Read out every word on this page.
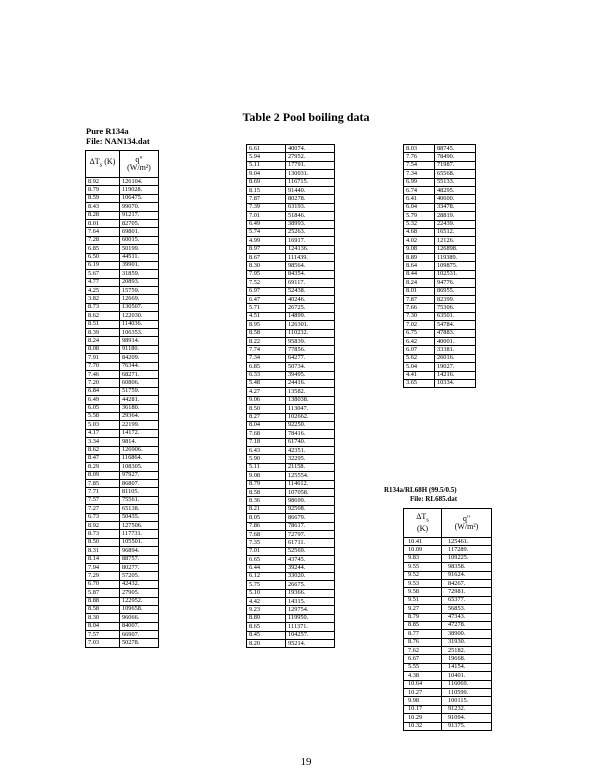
Table 2 Pool boiling data
Pure R134a
File: NAN134.dat
$\Delta T_s$ (K)	q"
(W/m²)
8.92	126104.
8.79	119028.
8.59	106475.
8.43	99070.
8.28	91217.
8.01	82705.
7.64	69801.
7.28	60015.
6.85	50199.
6.50	44511.
6.19	39901.
5.67	31859.
4.77	20893.
4.25	15759.
3.82	12669.
8.73	130507.
8.62	122030.
8.51	114036.
8.39	106353.
8.24	98914.
8.08	91180.
7.91	84209.
7.70	76344.
7.46	68271.
7.20	60806.
6.84	51759.
6.49	44281.
6.05	36180.
5.58	29364.
5.03	22199.
4.17	14172.
3.34	9814.
8.62	126906.
8.47	116864.
8.29	108305.
8.09	97927.
7.85	86807.
7.71	81105.
7.57	75561.
7.27	65138.
6.73	50435.
8.92	127506.
8.73	117731.
8.50	105501.
8.31	96894.
8.14	88757.
7.94	80277.
7.29	57205.
6.70	42432.
5.87	27905.
8.88	122952.
8.58	109658.
8.30	96066.
8.04	84007.
7.57	66907.
7.03	50278.
6.61	40074.
5.94	27952.
5.11	17791.
9.04	130031.
8.69	116715.
8.15	91440.
7.87	80278.
7.39	63193.
7.01	51846.
6.49	38993.
5.74	25263.
4.99	16917.
8.97	124136.
8.67	111439.
8.30	98564.
7.95	84354.
7.52	69117.
6.97	52438.
6.47	40246.
5.71	26725.
4.51	14899.
8.95	126301.
8.58	110232.
8.22	95839.
7.74	77856.
7.34	64277.
6.85	50734.
6.33	39495.
5.48	24416.
4.27	13582.
9.06	138038.
8.50	113047.
8.27	102662.
8.04	92250.
7.68	78416.
7.18	61740.
6.43	42351.
5.90	32295.
5.11	21158.
9.08	125554.
8.79	114612.
8.58	107058.
8.36	98699.
8.21	92508.
8.05	86679.
7.86	78617.
7.68	72797.
7.35	61711.
7.01	52569.
6.65	43745.
6.44	39244.
6.12	33020.
5.75	26675.
5.10	19366.
4.42	14315.
9.23	129754.
8.89	119950.
8.65	111371.
8.45	104257.
8.20	95214.
8.03	88745.
7.76	78490.
7.54	71987.
7.34	65568.
6.99	55133.
6.74	48295.
6.41	40600.
6.04	33478.
5.79	28819.
5.32	22439.
4.68	16512.
4.02	12126.
9.08	126898.
8.89	119389.
8.64	109875.
8.44	102531.
8.24	94776.
8.01	86955.
7.87	82399.
7.66	75306.
7.30	63501.
7.02	54784.
6.75	47883.
6.42	40001.
6.07	33381.
5.62	26016.
5.04	19027.
4.41	14216.
3.65	10334.
R134a/RL68H (99.5/0.5)
File: RL685.dat
$\Delta T_s$
(K)	q"
(W/m²)
10.41	125461.
10.09	117289.
9.83	109225.
9.55	98358.
9.52	91624.
9.53	84267.
9.58	72981.
9.51	65377.
9.27	56853.
8.79	47343.
8.85	47278.
8.77	38900.
8.76	31930.
7.62	25182.
6.67	19668.
5.55	14154.
4.38	10401.
10.64	116069.
10.27	110599.
9.98	100115.
10.17	91232.
10.29	91094.
10.32	91375.
19
